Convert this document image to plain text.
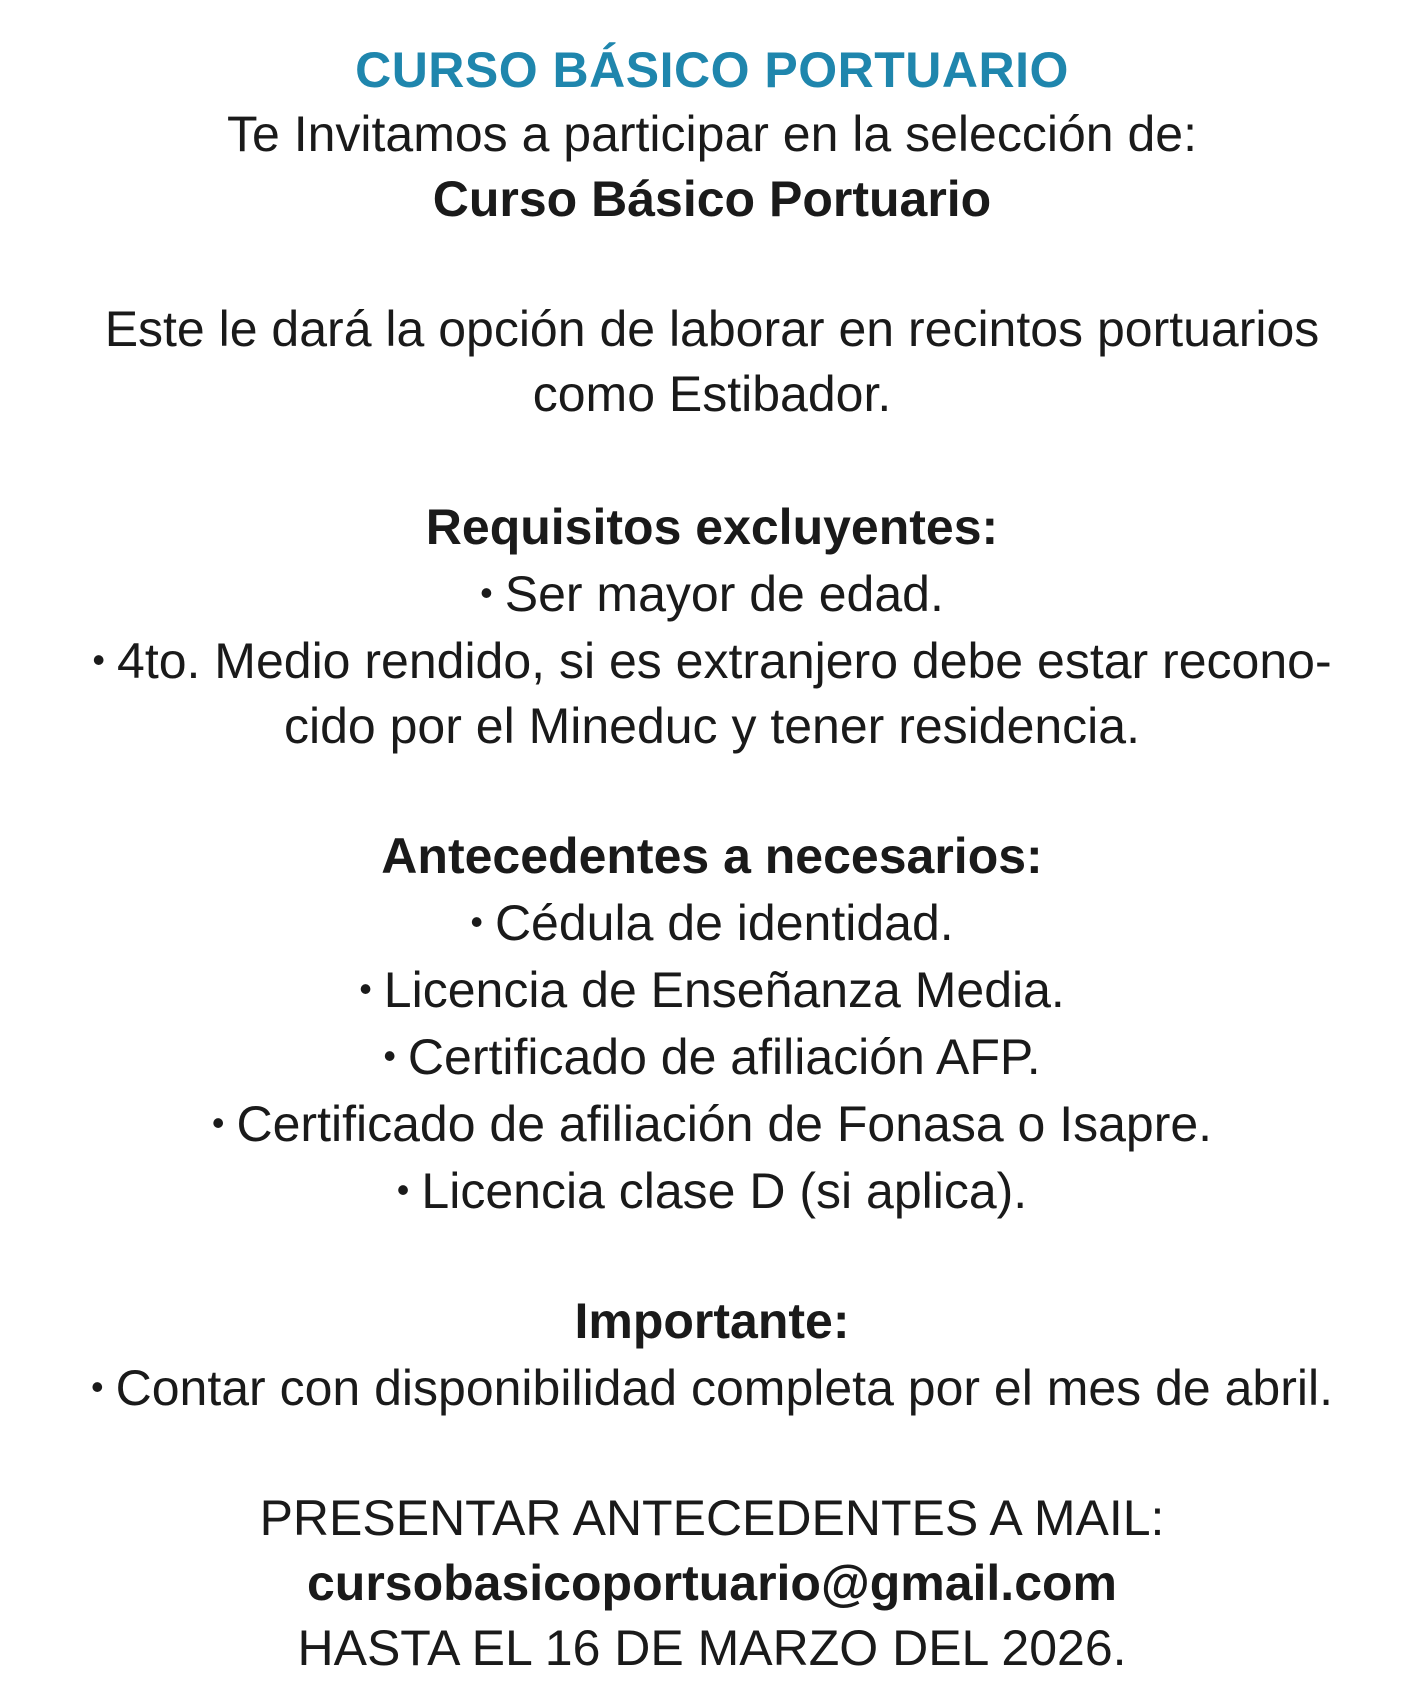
CURSO BÁSICO PORTUARIO

Te Invitamos a participar en la selección de:

Curso Básico Portuario

Este le dará la opción de laborar en recintos portuarios

como Estibador.

Requisitos excluyentes:

• Ser mayor de edad.

• 4to. Medio rendido, si es extranjero debe estar recono-

cido por el Mineduc y tener residencia.

Antecedentes a necesarios:

• Cédula de identidad.

• Licencia de Enseñanza Media.

• Certificado de afiliación AFP.

• Certificado de afiliación de Fonasa o Isapre.

• Licencia clase D (si aplica).

Importante:

• Contar con disponibilidad completa por el mes de abril.

PRESENTAR ANTECEDENTES A MAIL:

cursobasicoportuario@gmail.com

HASTA EL 16 DE MARZO DEL 2026.
